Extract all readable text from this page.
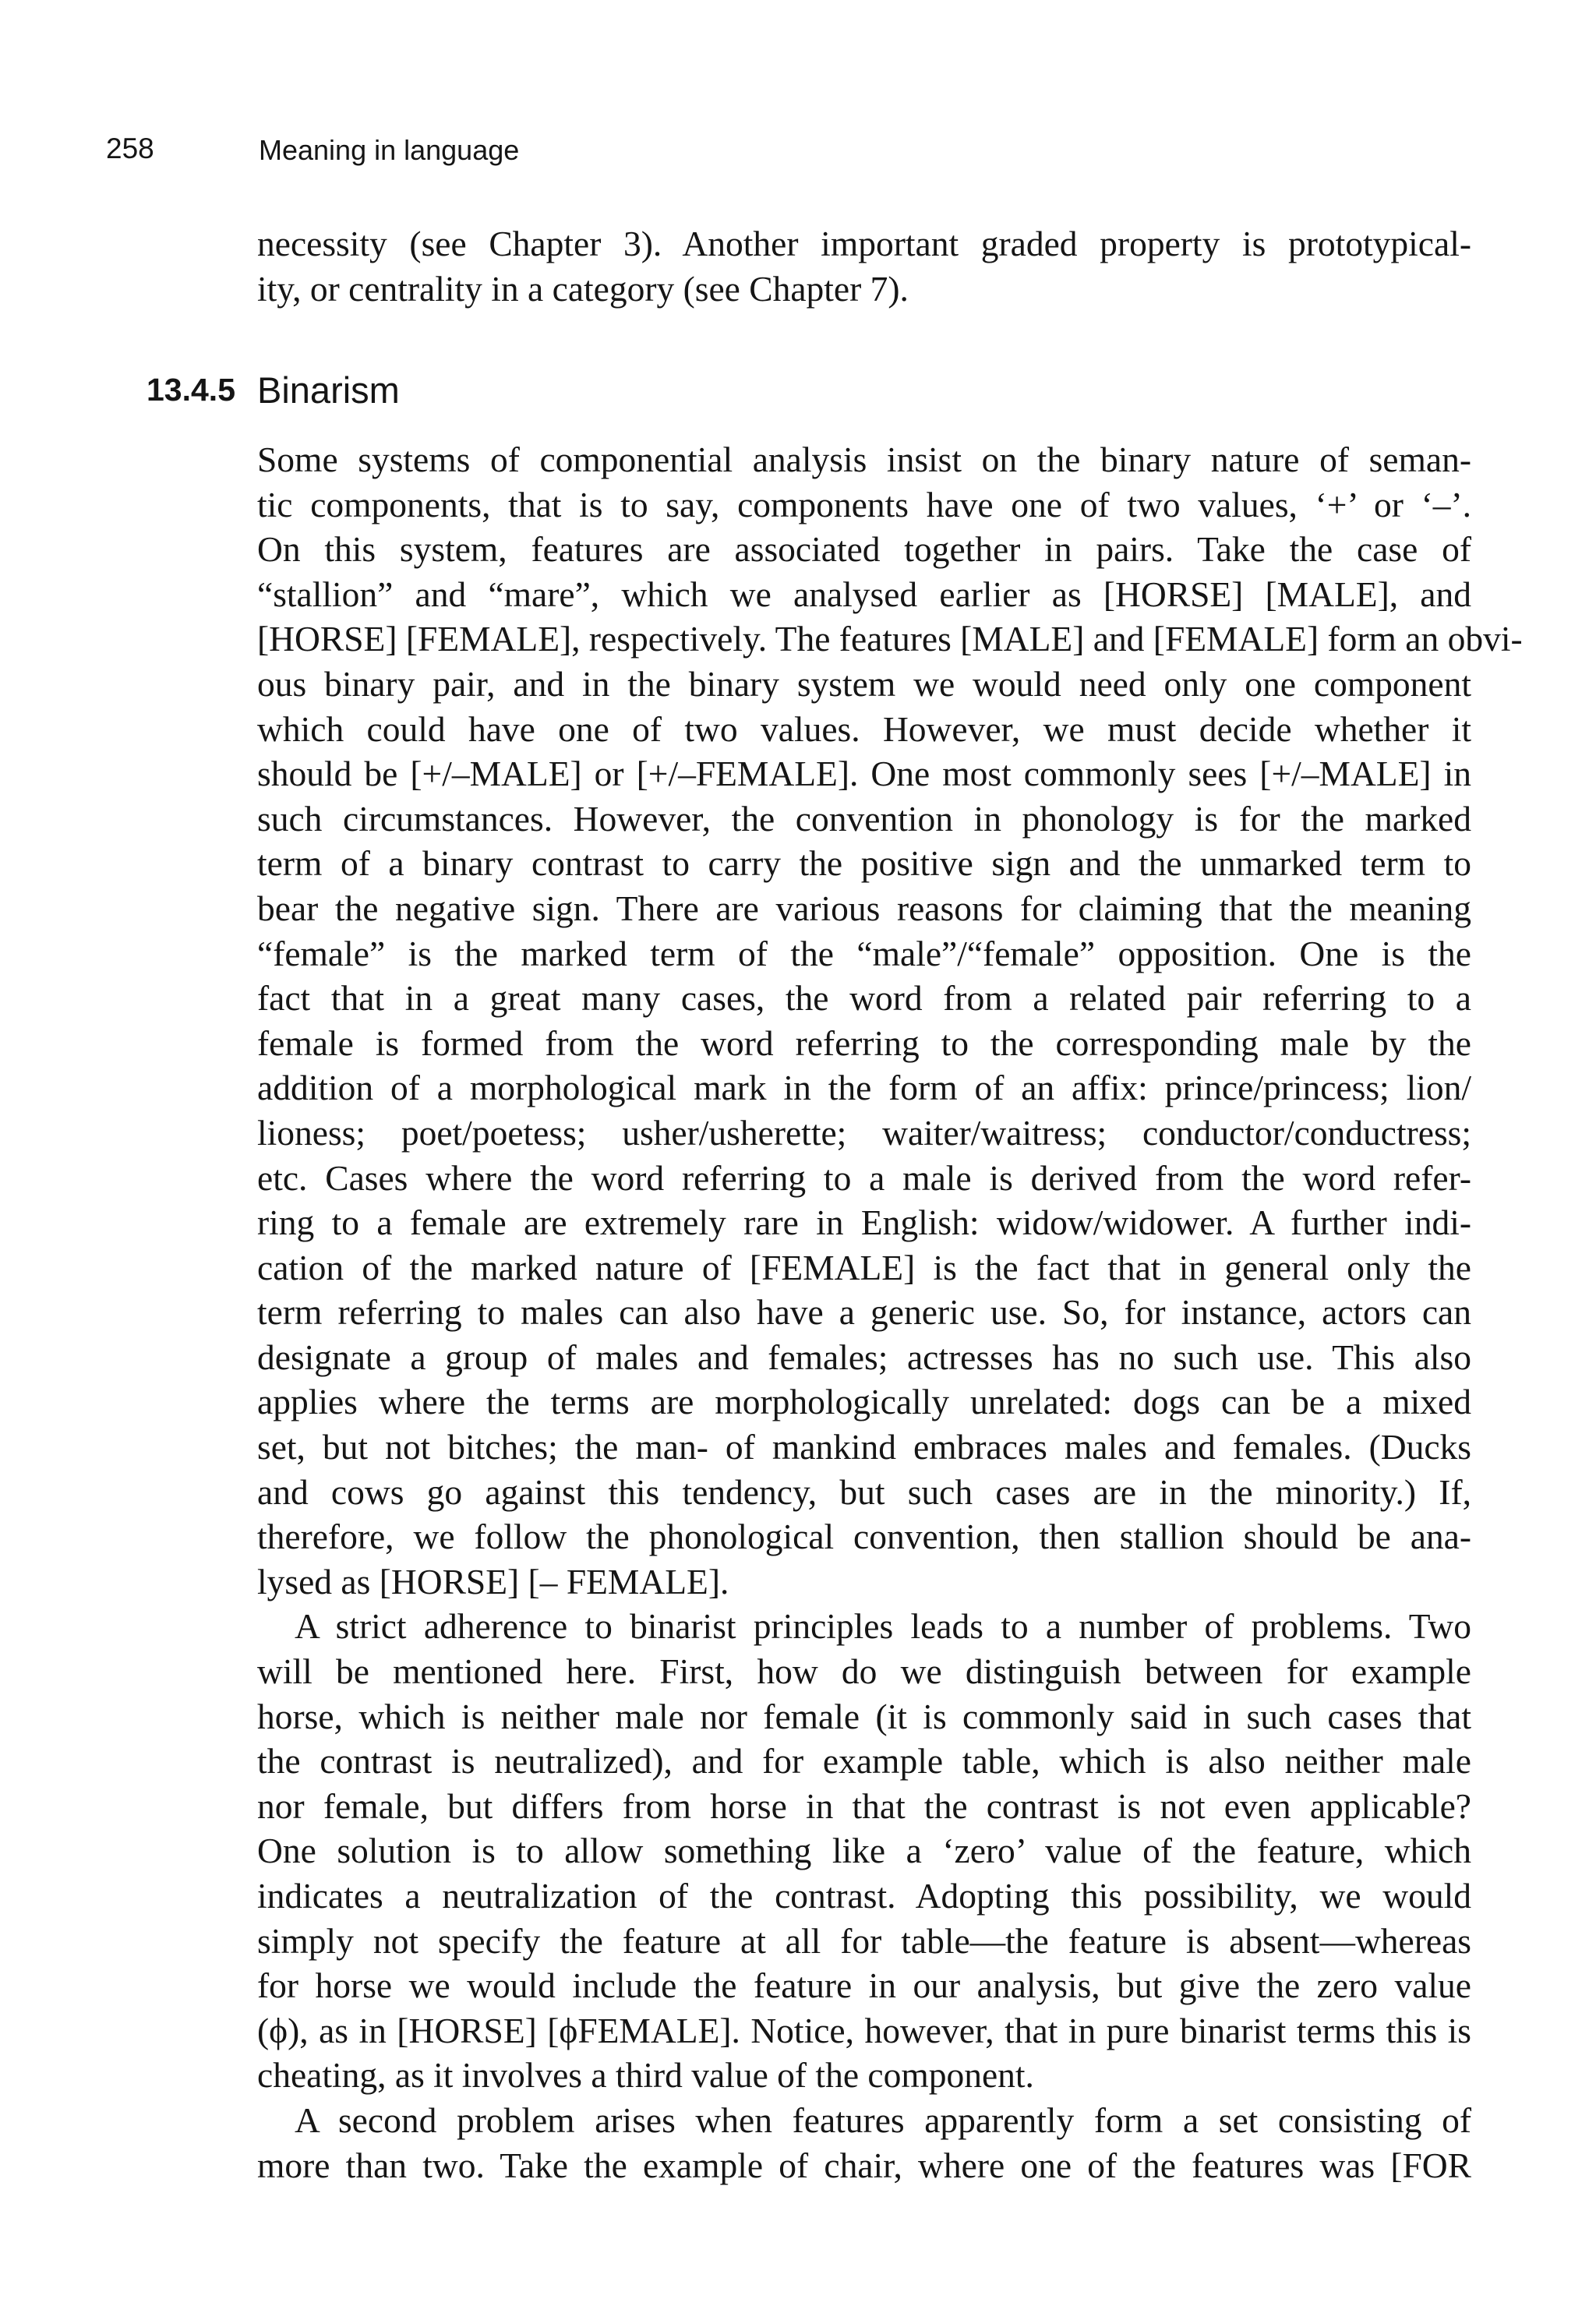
258	Meaning in language
necessity (see Chapter 3). Another important graded property is prototypical-
ity, or centrality in a category (see Chapter 7).
13.4.5 Binarism
Some systems of componential analysis insist on the binary nature of seman-
tic components, that is to say, components have one of two values, ‘+’ or ‘–’.
On this system, features are associated together in pairs. Take the case of
“stallion” and “mare”, which we analysed earlier as [HORSE] [MALE], and
[HORSE] [FEMALE], respectively. The features [MALE] and [FEMALE] form an obvi-
ous binary pair, and in the binary system we would need only one component
which could have one of two values. However, we must decide whether it
should be [+/–MALE] or [+/–FEMALE]. One most commonly sees [+/–MALE] in
such circumstances. However, the convention in phonology is for the marked
term of a binary contrast to carry the positive sign and the unmarked term to
bear the negative sign. There are various reasons for claiming that the meaning
“female” is the marked term of the “male”/“female” opposition. One is the
fact that in a great many cases, the word from a related pair referring to a
female is formed from the word referring to the corresponding male by the
addition of a morphological mark in the form of an affix: prince/princess; lion/
lioness; poet/poetess; usher/usherette; waiter/waitress; conductor/conductress;
etc. Cases where the word referring to a male is derived from the word refer-
ring to a female are extremely rare in English: widow/widower. A further indi-
cation of the marked nature of [FEMALE] is the fact that in general only the
term referring to males can also have a generic use. So, for instance, actors can
designate a group of males and females; actresses has no such use. This also
applies where the terms are morphologically unrelated: dogs can be a mixed
set, but not bitches; the man- of mankind embraces males and females. (Ducks
and cows go against this tendency, but such cases are in the minority.) If,
therefore, we follow the phonological convention, then stallion should be ana-
lysed as [HORSE] [– FEMALE].
A strict adherence to binarist principles leads to a number of problems. Two
will be mentioned here. First, how do we distinguish between for example
horse, which is neither male nor female (it is commonly said in such cases that
the contrast is neutralized), and for example table, which is also neither male
nor female, but differs from horse in that the contrast is not even applicable?
One solution is to allow something like a ‘zero’ value of the feature, which
indicates a neutralization of the contrast. Adopting this possibility, we would
simply not specify the feature at all for table—the feature is absent—whereas
for horse we would include the feature in our analysis, but give the zero value
(ϕ), as in [HORSE] [ϕFEMALE]. Notice, however, that in pure binarist terms this is
cheating, as it involves a third value of the component.
A second problem arises when features apparently form a set consisting of
more than two. Take the example of chair, where one of the features was [FOR
